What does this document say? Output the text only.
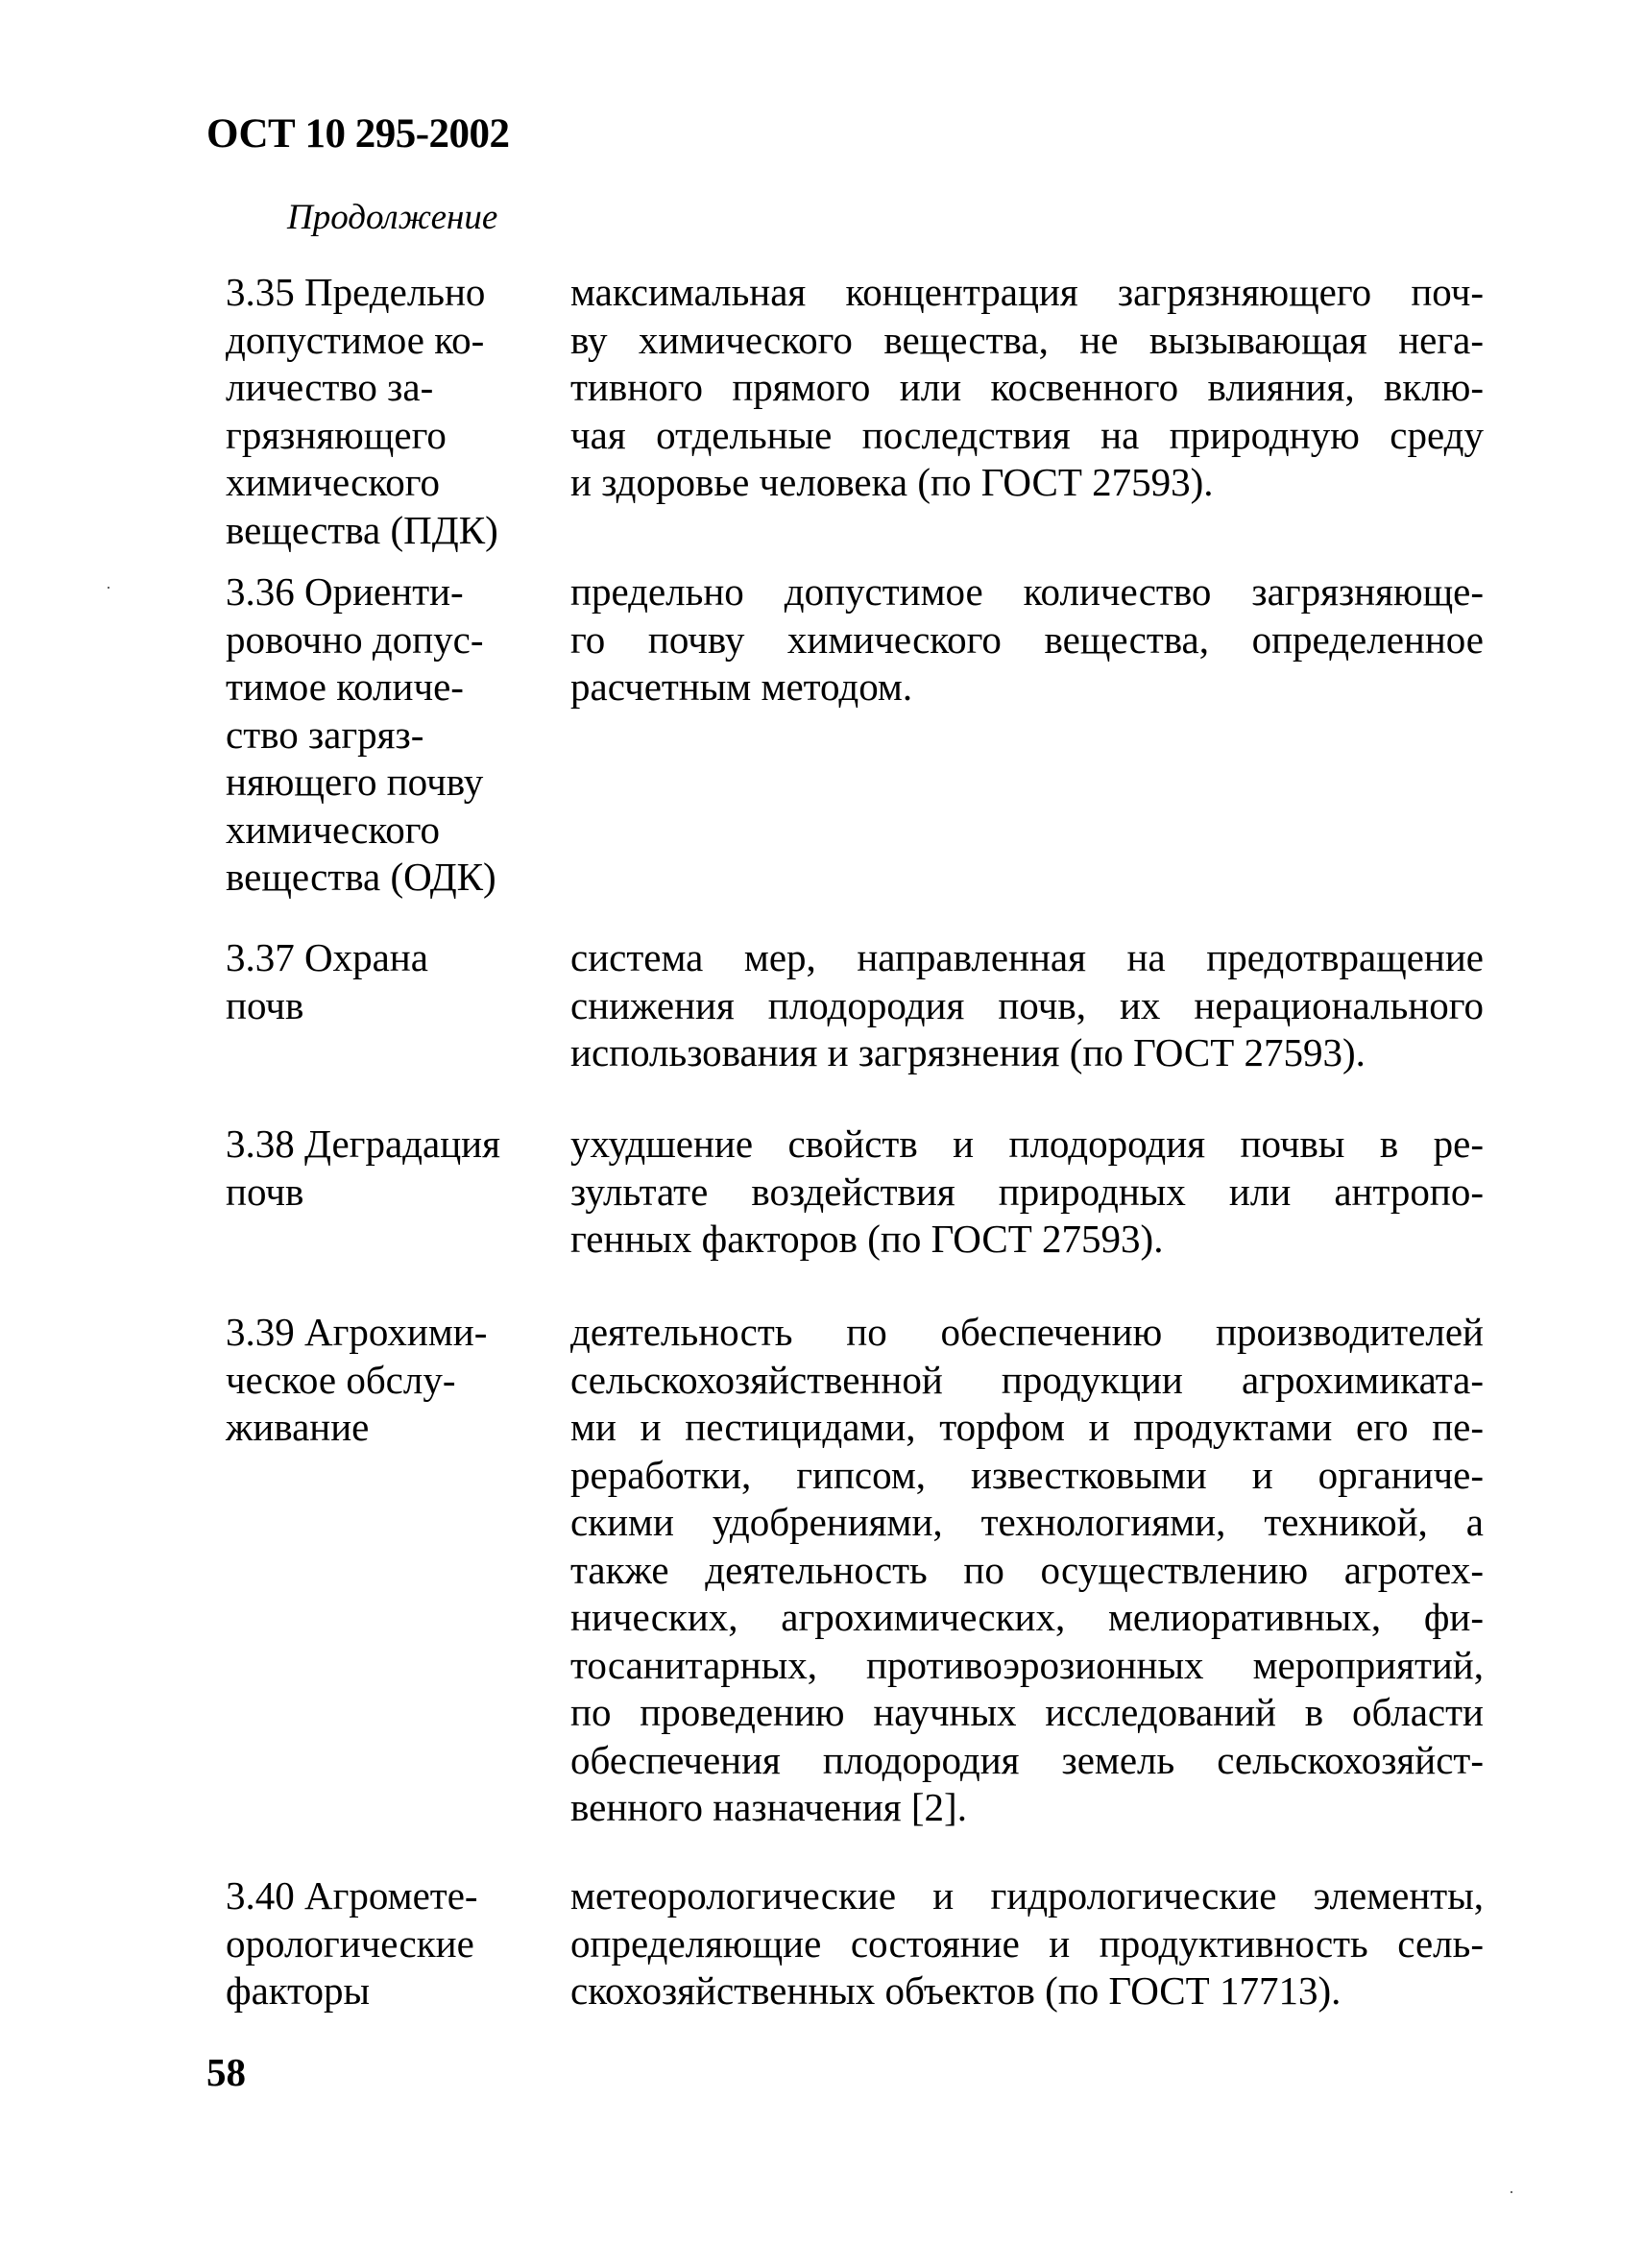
ОСТ 10 295-2002
Продолжение
3.35 Предельно
допустимое ко-
личество за-
грязняющего
химического
вещества (ПДК)
максимальная концентрация загрязняющего поч-
ву химического вещества, не вызывающая нега-
тивного прямого или косвенного влияния, вклю-
чая отдельные последствия на природную среду
и здоровье человека (по ГОСТ 27593).
3.36 Ориенти-
ровочно допус-
тимое количе-
ство загряз-
няющего почву
химического
вещества (ОДК)
предельно допустимое количество загрязняюще-
го почву химического вещества, определенное
расчетным методом.
3.37 Охрана
почв
система мер, направленная на предотвращение
снижения плодородия почв, их нерационального
использования и загрязнения (по ГОСТ 27593).
3.38 Деградация
почв
ухудшение свойств и плодородия почвы в ре-
зультате воздействия природных или антропо-
генных факторов (по ГОСТ 27593).
3.39 Агрохими-
ческое обслу-
живание
деятельность по обеспечению производителей
сельскохозяйственной продукции агрохимиката-
ми и пестицидами, торфом и продуктами его пе-
реработки, гипсом, известковыми и органиче-
скими удобрениями, технологиями, техникой, а
также деятельность по осуществлению агротех-
нических, агрохимических, мелиоративных, фи-
тосанитарных, противоэрозионных мероприятий,
по проведению научных исследований в области
обеспечения плодородия земель сельскохозяйст-
венного назначения [2].
3.40 Агромете-
орологические
факторы
метеорологические и гидрологические элементы,
определяющие состояние и продуктивность сель-
скохозяйственных объектов (по ГОСТ 17713).
58
